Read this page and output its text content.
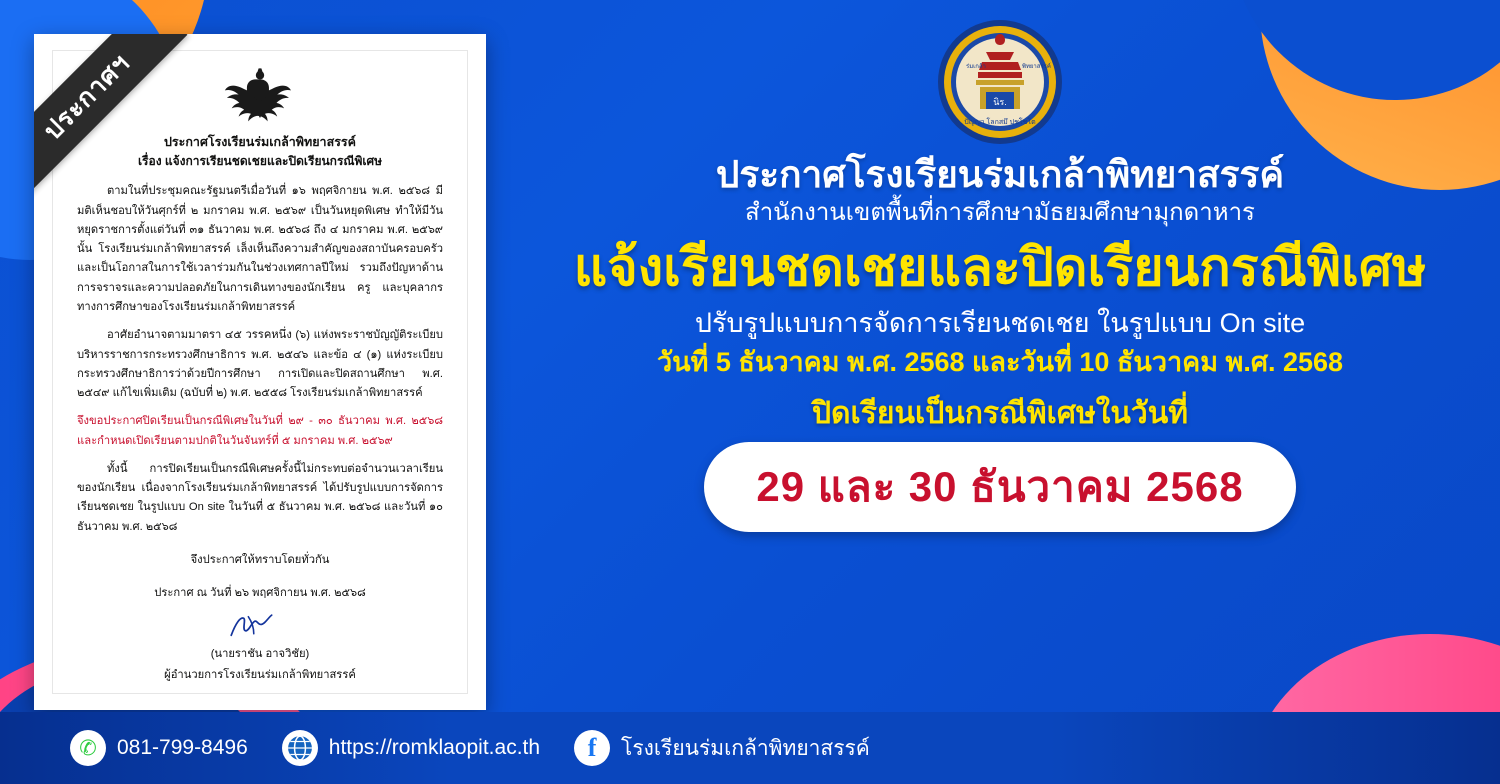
ประกาศฯ	ประกาศโรงเรียนร่มเกล้าพิทยาสรรค์
เรื่อง แจ้งการเรียนชดเชยและปิดเรียนกรณีพิเศษ

ตามในที่ประชุมคณะรัฐมนตรีเมื่อวันที่ ๑๖ พฤศจิกายน พ.ศ. ๒๕๖๘ มีมติเห็นชอบให้วันศุกร์ที่ ๒ มกราคม พ.ศ. ๒๕๖๙ เป็นวันหยุดพิเศษ ทำให้มีวันหยุดราชการตั้งแต่วันที่ ๓๑ ธันวาคม พ.ศ. ๒๕๖๘ ถึง ๔ มกราคม พ.ศ. ๒๕๖๙ นั้น โรงเรียนร่มเกล้าพิทยาสรรค์ เล็งเห็นถึงความสำคัญของสถาบันครอบครัวและเป็นโอกาสในการใช้เวลาร่วมกันในช่วงเทศกาลปีใหม่ รวมถึงปัญหาด้านการจราจรและความปลอดภัยในการเดินทางของนักเรียน ครู และบุคลากรทางการศึกษาของโรงเรียนร่มเกล้าพิทยาสรรค์

อาศัยอำนาจตามมาตรา ๔๕ วรรคหนึ่ง (๖) แห่งพระราชบัญญัติระเบียบบริหารราชการกระทรวงศึกษาธิการ พ.ศ. ๒๕๔๖ และข้อ ๔ (๑) แห่งระเบียบกระทรวงศึกษาธิการว่าด้วยปีการศึกษา การเปิดและปิดสถานศึกษา พ.ศ. ๒๕๔๙ แก้ไขเพิ่มเติม (ฉบับที่ ๒) พ.ศ. ๒๕๕๘ โรงเรียนร่มเกล้าพิทยาสรรค์

จึงขอประกาศปิดเรียนเป็นกรณีพิเศษในวันที่ ๒๙ - ๓๐ ธันวาคม พ.ศ. ๒๕๖๘ และกำหนดเปิดเรียนตามปกติในวันจันทร์ที่ ๕ มกราคม พ.ศ. ๒๕๖๙

ทั้งนี้ การปิดเรียนเป็นกรณีพิเศษครั้งนี้ไม่กระทบต่อจำนวนเวลาเรียนของนักเรียน เนื่องจากโรงเรียนร่มเกล้าพิทยาสรรค์ ได้ปรับรูปแบบการจัดการเรียนชดเชย ในรูปแบบ On site ในวันที่ ๕ ธันวาคม พ.ศ. ๒๕๖๘ และวันที่ ๑๐ ธันวาคม พ.ศ. ๒๕๖๘

จึงประกาศให้ทราบโดยทั่วกัน
ประกาศ ณ วันที่ ๒๖ พฤศจิกายน พ.ศ. ๒๕๖๘
(นายราชัน อาจวิชัย)
ผู้อำนวยการโรงเรียนร่มเกล้าพิทยาสรรค์
นิร.
ปัญญา โลกสมึ ปชโชโต
ร่มเกล้า	พิทยาสรรค์
ประกาศโรงเรียนร่มเกล้าพิทยาสรรค์
สำนักงานเขตพื้นที่การศึกษามัธยมศึกษามุกดาหาร
แจ้งเรียนชดเชยและปิดเรียนกรณีพิเศษ
ปรับรูปแบบการจัดการเรียนชดเชย ในรูปแบบ On site
วันที่ 5 ธันวาคม พ.ศ. 2568 และวันที่ 10 ธันวาคม พ.ศ. 2568
ปิดเรียนเป็นกรณีพิเศษในวันที่
29 และ 30 ธันวาคม 2568
✆ 081-799-8496	https://romklaopit.ac.th	f	โรงเรียนร่มเกล้าพิทยาสรรค์
